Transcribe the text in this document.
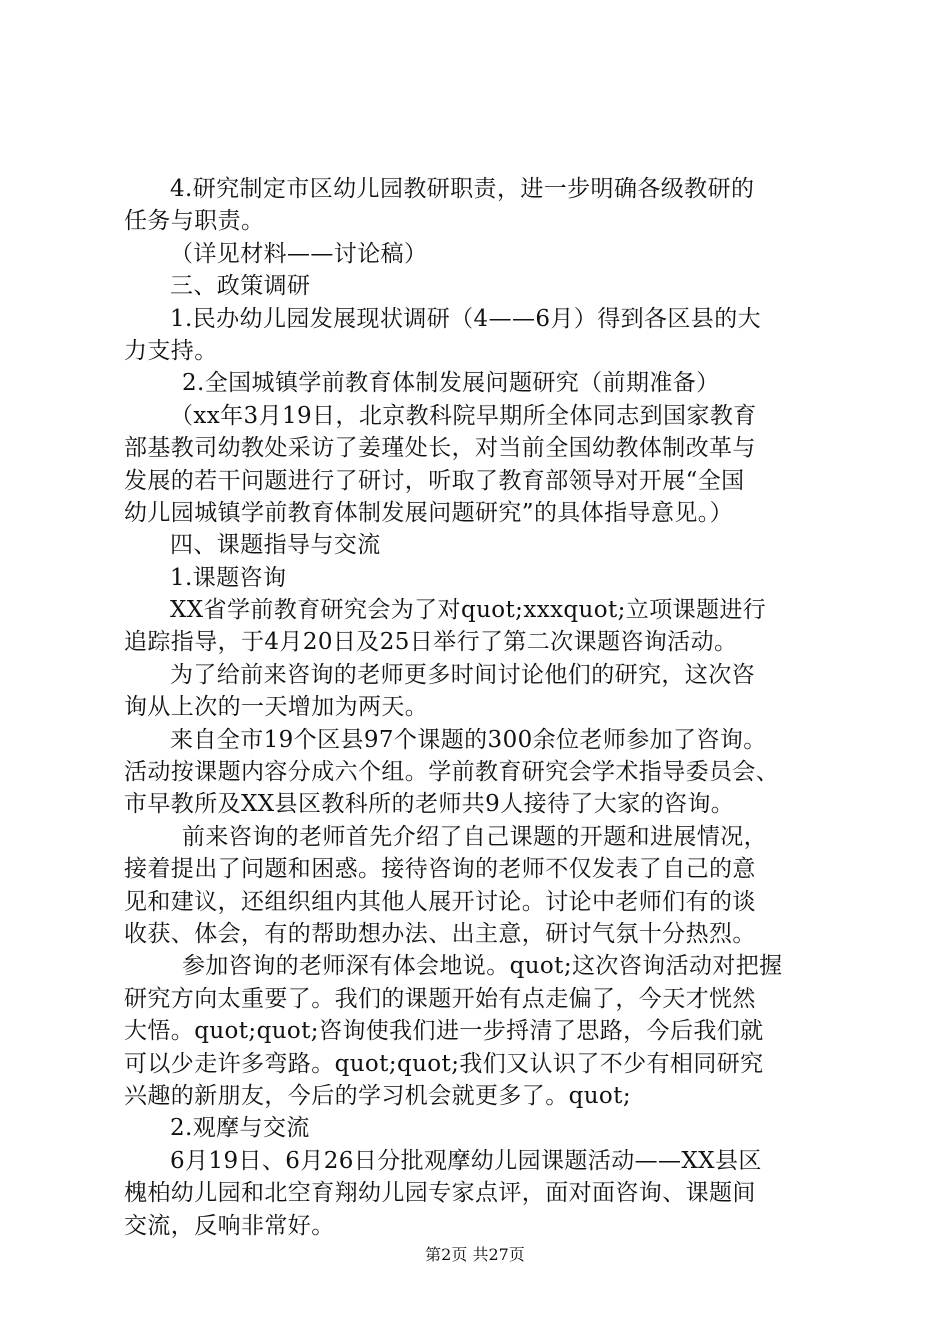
4.研究制定市区幼儿园教研职责，进一步明确各级教研的
任务与职责。
（详见材料——讨论稿）
三、政策调研
1.民办幼儿园发展现状调研（4——6月）得到各区县的大
力支持。
2.全国城镇学前教育体制发展问题研究（前期准备）
（xx年3月19日，北京教科院早期所全体同志到国家教育
部基教司幼教处采访了姜瑾处长，对当前全国幼教体制改革与
发展的若干问题进行了研讨，听取了教育部领导对开展“全国
幼儿园城镇学前教育体制发展问题研究”的具体指导意见。）
四、课题指导与交流
1.课题咨询
XX省学前教育研究会为了对quot;xxxquot;立项课题进行
追踪指导，于4月20日及25日举行了第二次课题咨询活动。
为了给前来咨询的老师更多时间讨论他们的研究，这次咨
询从上次的一天增加为两天。
来自全市19个区县97个课题的300余位老师参加了咨询。
活动按课题内容分成六个组。学前教育研究会学术指导委员会、
市早教所及XX县区教科所的老师共9人接待了大家的咨询。
前来咨询的老师首先介绍了自己课题的开题和进展情况，
接着提出了问题和困惑。接待咨询的老师不仅发表了自己的意
见和建议，还组织组内其他人展开讨论。讨论中老师们有的谈
收获、体会，有的帮助想办法、出主意，研讨气氛十分热烈。
参加咨询的老师深有体会地说。quot;这次咨询活动对把握
研究方向太重要了。我们的课题开始有点走偏了，今天才恍然
大悟。quot;quot;咨询使我们进一步捋清了思路，今后我们就
可以少走许多弯路。quot;quot;我们又认识了不少有相同研究
兴趣的新朋友，今后的学习机会就更多了。quot;
2.观摩与交流
6月19日、6月26日分批观摩幼儿园课题活动——XX县区
槐柏幼儿园和北空育翔幼儿园专家点评，面对面咨询、课题间
交流，反响非常好。
第2页 共27页
